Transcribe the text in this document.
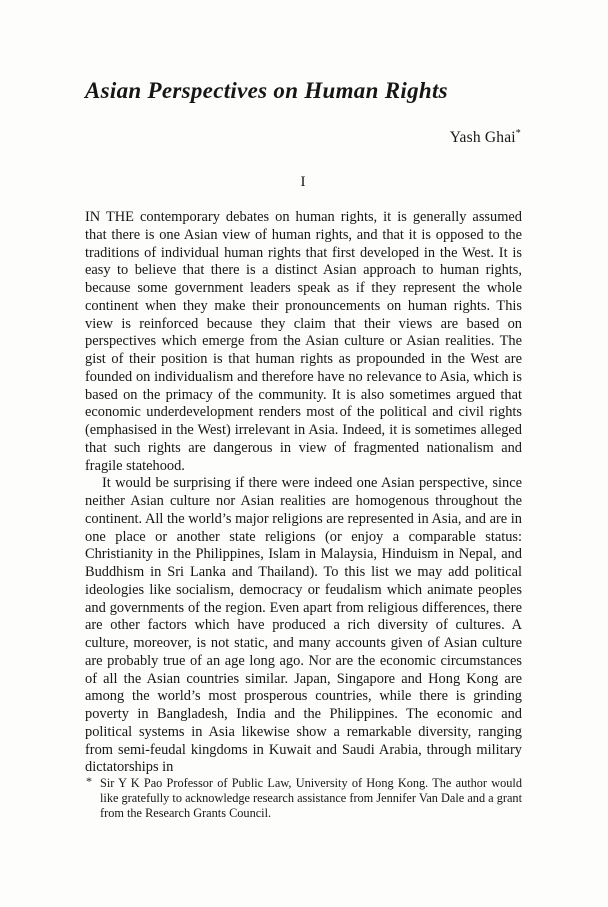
Asian Perspectives on Human Rights
Yash Ghai*
I

IN THE contemporary debates on human rights, it is generally assumed that there is one Asian view of human rights, and that it is opposed to the traditions of individual human rights that first developed in the West. It is easy to believe that there is a distinct Asian approach to human rights, because some government leaders speak as if they represent the whole continent when they make their pronouncements on human rights. This view is reinforced because they claim that their views are based on perspectives which emerge from the Asian culture or Asian realities. The gist of their position is that human rights as propounded in the West are founded on individualism and therefore have no relevance to Asia, which is based on the primacy of the community. It is also sometimes argued that economic underdevelopment renders most of the political and civil rights (emphasised in the West) irrelevant in Asia. Indeed, it is sometimes alleged that such rights are dangerous in view of fragmented nationalism and fragile statehood.

It would be surprising if there were indeed one Asian perspective, since neither Asian culture nor Asian realities are homogenous throughout the continent. All the world’s major religions are represented in Asia, and are in one place or another state religions (or enjoy a comparable status: Christianity in the Philippines, Islam in Malaysia, Hinduism in Nepal, and Buddhism in Sri Lanka and Thailand). To this list we may add political ideologies like socialism, democracy or feudalism which animate peoples and governments of the region. Even apart from religious differences, there are other factors which have produced a rich diversity of cultures. A culture, moreover, is not static, and many accounts given of Asian culture are probably true of an age long ago. Nor are the economic circumstances of all the Asian countries similar. Japan, Singapore and Hong Kong are among the world’s most prosperous countries, while there is grinding poverty in Bangladesh, India and the Philippines. The economic and political systems in Asia likewise show a remarkable diversity, ranging from semi-feudal kingdoms in Kuwait and Saudi Arabia, through military dictatorships in

* Sir Y K Pao Professor of Public Law, University of Hong Kong. The author would like gratefully to acknowledge research assistance from Jennifer Van Dale and a grant from the Research Grants Council.
